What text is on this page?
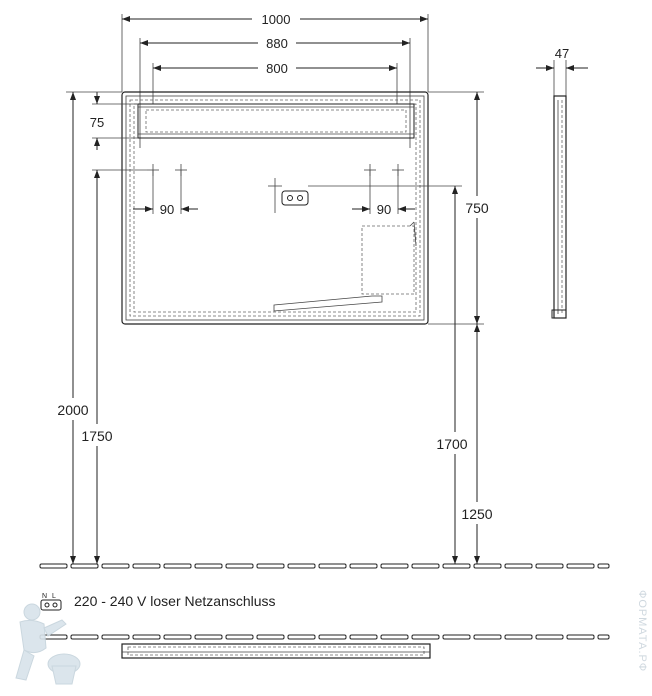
1000
880
800
90	90
75
2000
1750
750
1700
1250
47
N L 220 - 240 V loser Netzanschluss	ФОРМАТА.РФ
